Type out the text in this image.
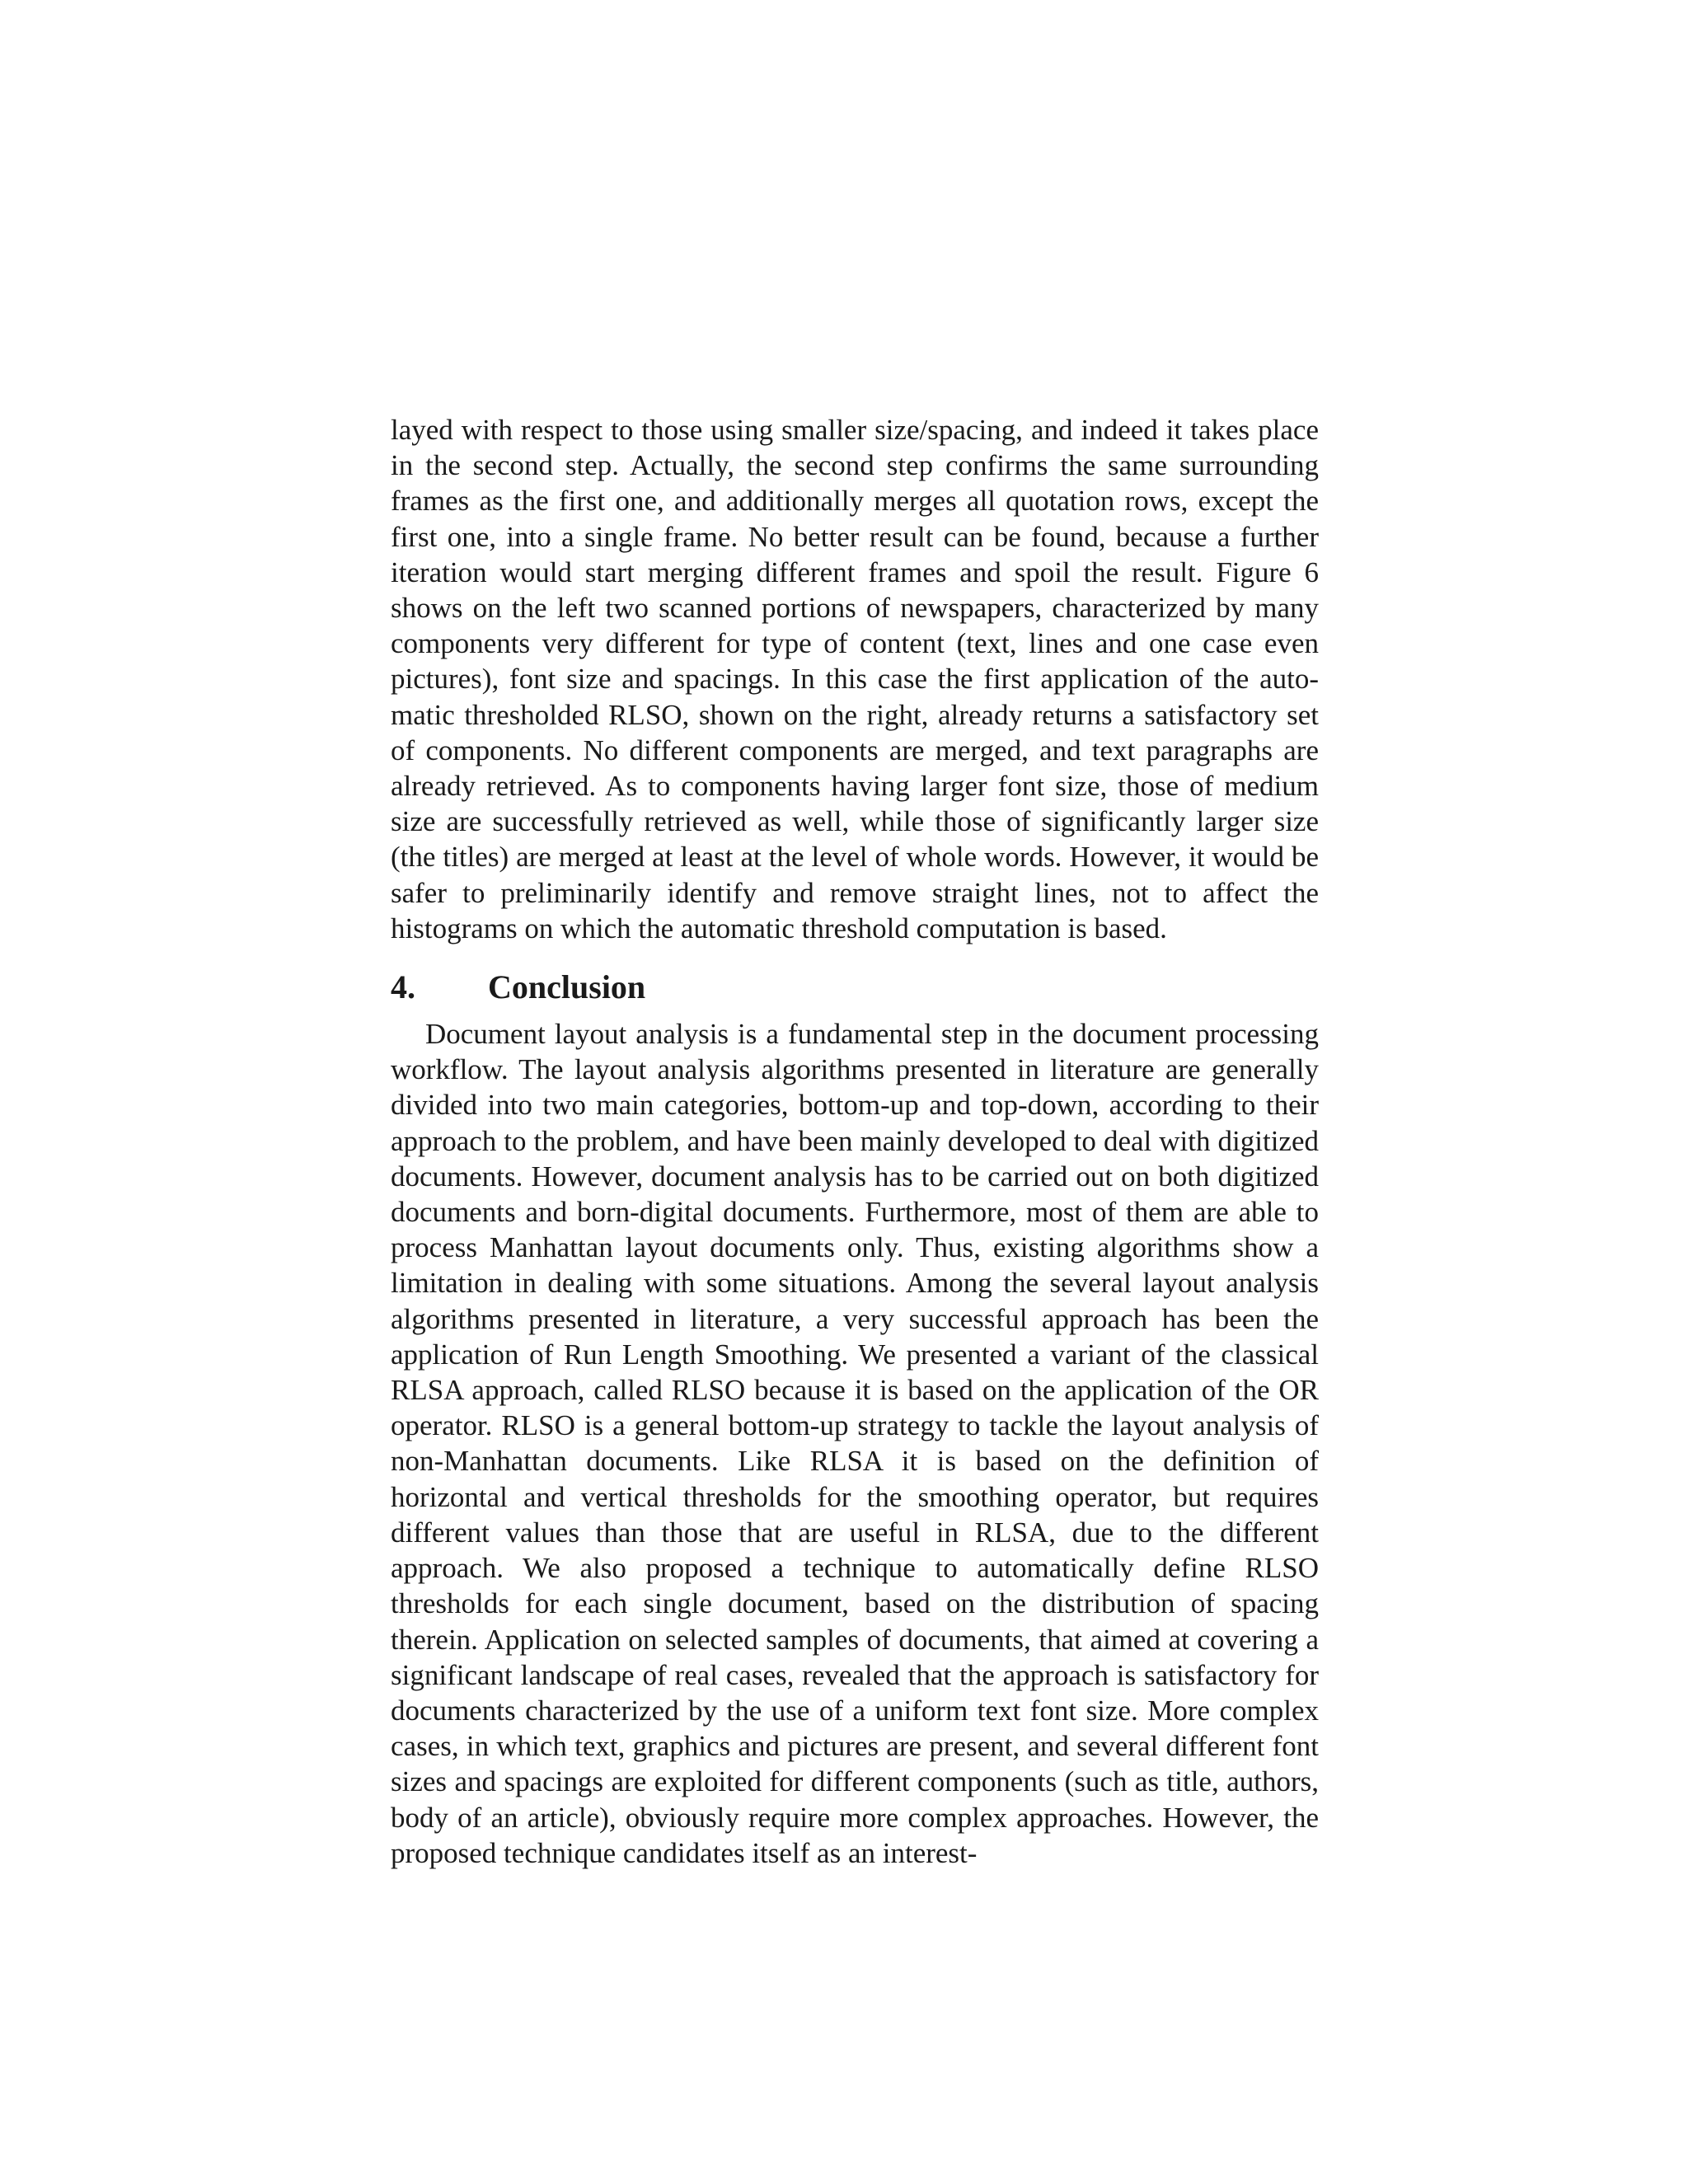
layed with respect to those using smaller size/spacing, and indeed it takes place in the second step. Actually, the second step confirms the same surrounding frames as the first one, and additionally merges all quotation rows, except the first one, into a single frame. No better result can be found, because a further iteration would start merging different frames and spoil the result. Figure 6 shows on the left two scanned portions of newspapers, characterized by many components very different for type of content (text, lines and one case even pictures), font size and spacings. In this case the first application of the automatic thresholded RLSO, shown on the right, already returns a satisfactory set of components. No different components are merged, and text paragraphs are already retrieved. As to components having larger font size, those of medium size are successfully retrieved as well, while those of significantly larger size (the titles) are merged at least at the level of whole words. However, it would be safer to preliminarily identify and remove straight lines, not to affect the histograms on which the automatic threshold computation is based.

4.	Conclusion

Document layout analysis is a fundamental step in the document processing workflow. The layout analysis algorithms presented in literature are generally divided into two main categories, bottom-up and top-down, according to their approach to the problem, and have been mainly developed to deal with digitized documents. However, document analysis has to be carried out on both digitized documents and born-digital documents. Furthermore, most of them are able to process Manhattan layout documents only. Thus, existing algorithms show a limitation in dealing with some situations. Among the several layout analysis algorithms presented in literature, a very successful approach has been the application of Run Length Smoothing. We presented a variant of the classical RLSA approach, called RLSO because it is based on the application of the OR operator. RLSO is a general bottom-up strategy to tackle the layout analysis of non-Manhattan documents. Like RLSA it is based on the definition of horizontal and vertical thresholds for the smoothing operator, but requires different values than those that are useful in RLSA, due to the different approach. We also proposed a technique to automatically define RLSO thresholds for each single document, based on the distribution of spacing therein. Application on selected samples of documents, that aimed at covering a significant landscape of real cases, revealed that the approach is satisfactory for documents characterized by the use of a uniform text font size. More complex cases, in which text, graphics and pictures are present, and several different font sizes and spacings are exploited for different components (such as title, authors, body of an article), obviously require more complex approaches. However, the proposed technique candidates itself as an interest-
